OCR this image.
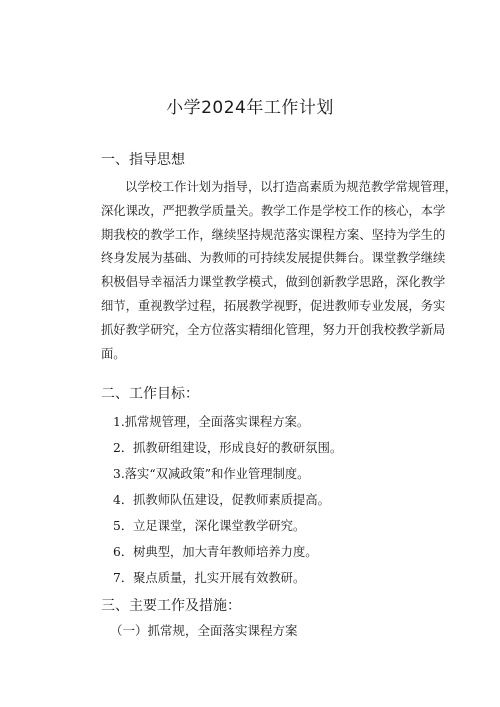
小学2024年工作计划
一、指导思想
以学校工作计划为指导，以打造高素质为规范教学常规管理，
深化课改，严把教学质量关。教学工作是学校工作的核心，本学
期我校的教学工作，继续坚持规范落实课程方案、坚持为学生的
终身发展为基础、为教师的可持续发展提供舞台。课堂教学继续
积极倡导幸福活力课堂教学模式，做到创新教学思路，深化教学
细节，重视教学过程，拓展教学视野，促进教师专业发展，务实
抓好教学研究，全方位落实精细化管理，努力开创我校教学新局
面。
二、工作目标：
1.抓常规管理，全面落实课程方案。
2．抓教研组建设，形成良好的教研氛围。
3.落实“双减政策”和作业管理制度。
4．抓教师队伍建设，促教师素质提高。
5．立足课堂，深化课堂教学研究。
6．树典型，加大青年教师培养力度。
7．聚点质量，扎实开展有效教研。
三、主要工作及措施：
（一）抓常规，全面落实课程方案
